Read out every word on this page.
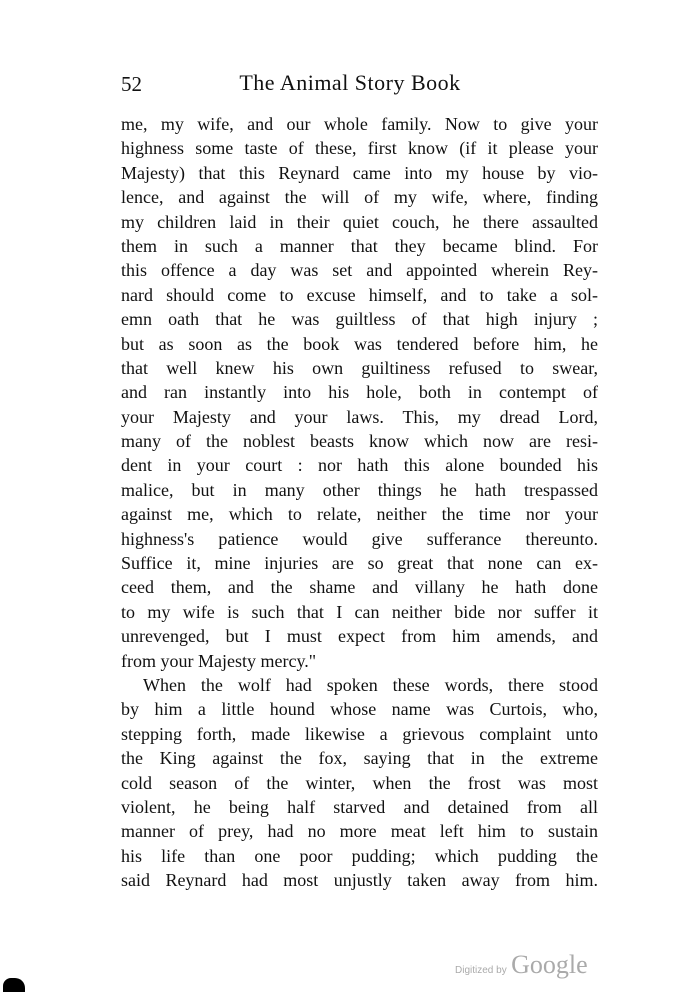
52	The Animal Story Book
me, my wife, and our whole family. Now to give your
highness some taste of these, first know (if it please your
Majesty) that this Reynard came into my house by vio-
lence, and against the will of my wife, where, finding
my children laid in their quiet couch, he there assaulted
them in such a manner that they became blind. For
this offence a day was set and appointed wherein Rey-
nard should come to excuse himself, and to take a sol-
emn oath that he was guiltless of that high injury ;
but as soon as the book was tendered before him, he
that well knew his own guiltiness refused to swear,
and ran instantly into his hole, both in contempt of
your Majesty and your laws. This, my dread Lord,
many of the noblest beasts know which now are resi-
dent in your court : nor hath this alone bounded his
malice, but in many other things he hath trespassed
against me, which to relate, neither the time nor your
highness's patience would give sufferance thereunto.
Suffice it, mine injuries are so great that none can ex-
ceed them, and the shame and villany he hath done
to my wife is such that I can neither bide nor suffer it
unrevenged, but I must expect from him amends, and
from your Majesty mercy."
When the wolf had spoken these words, there stood
by him a little hound whose name was Curtois, who,
stepping forth, made likewise a grievous complaint unto
the King against the fox, saying that in the extreme
cold season of the winter, when the frost was most
violent, he being half starved and detained from all
manner of prey, had no more meat left him to sustain
his life than one poor pudding; which pudding the
said Reynard had most unjustly taken away from him.
Digitized by Google
